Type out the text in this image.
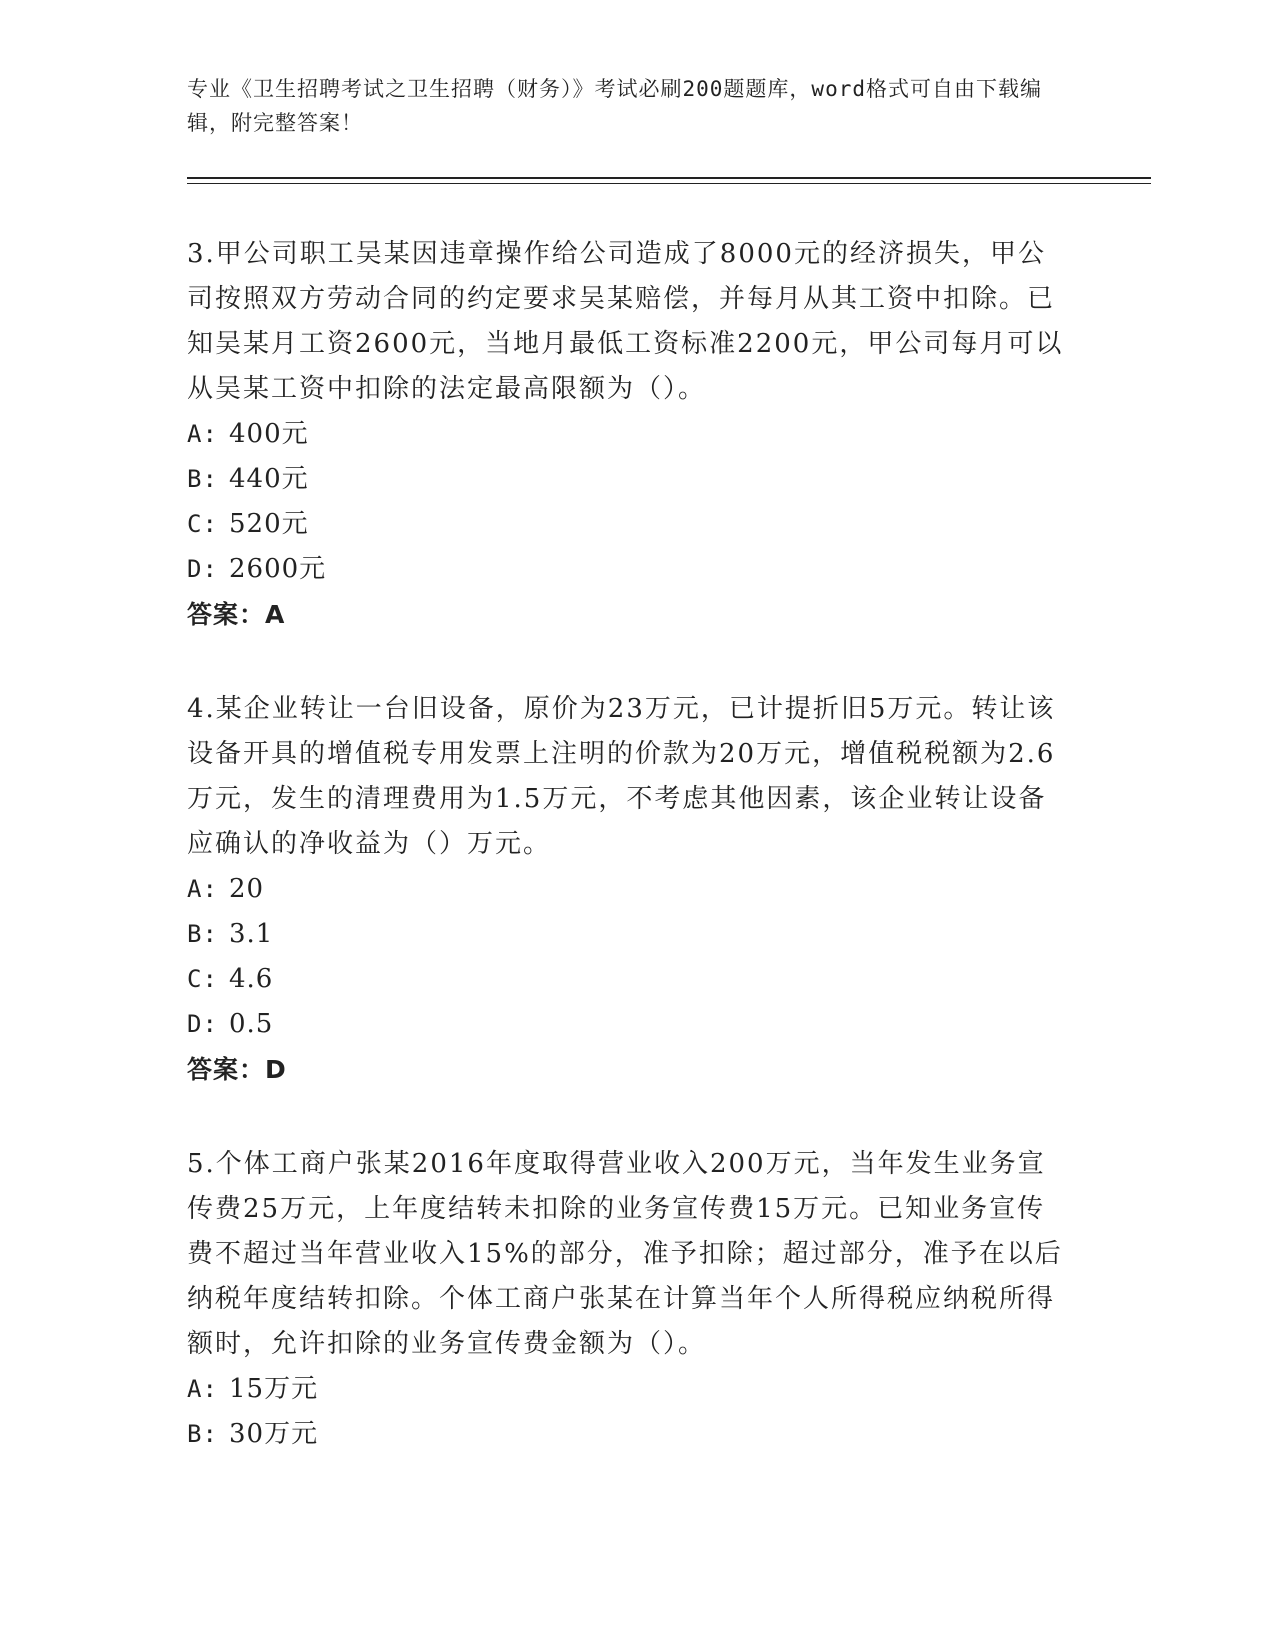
专业《卫生招聘考试之卫生招聘（财务）》考试必刷200题题库，word格式可自由下载编辑，附完整答案！

3.甲公司职工吴某因违章操作给公司造成了8000元的经济损失，甲公司按照双方劳动合同的约定要求吴某赔偿，并每月从其工资中扣除。已知吴某月工资2600元，当地月最低工资标准2200元，甲公司每月可以从吴某工资中扣除的法定最高限额为（）。

A: 400元

B: 440元

C: 520元

D: 2600元

答案：A

4.某企业转让一台旧设备，原价为23万元，已计提折旧5万元。转让该设备开具的增值税专用发票上注明的价款为20万元，增值税税额为2.6万元，发生的清理费用为1.5万元，不考虑其他因素，该企业转让设备应确认的净收益为（）万元。

A: 20

B: 3.1

C: 4.6

D: 0.5

答案：D

5.个体工商户张某2016年度取得营业收入200万元，当年发生业务宣传费25万元，上年度结转未扣除的业务宣传费15万元。已知业务宣传费不超过当年营业收入15%的部分，准予扣除；超过部分，准予在以后纳税年度结转扣除。个体工商户张某在计算当年个人所得税应纳税所得额时，允许扣除的业务宣传费金额为（）。

A: 15万元

B: 30万元
